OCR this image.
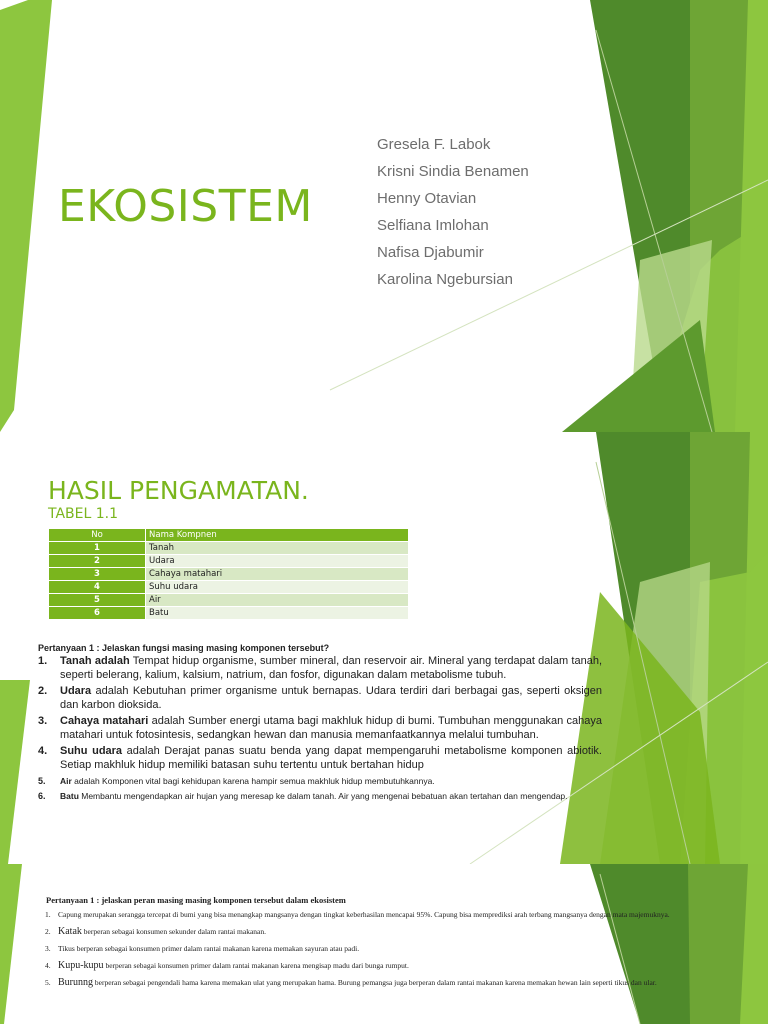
EKOSISTEM
Gresela F. Labok
Krisni Sindia Benamen
Henny Otavian
Selfiana Imlohan
Nafisa Djabumir
Karolina Ngebursian
HASIL PENGAMATAN.
TABEL 1.1
No	Nama Kompnen
1	Tanah
2	Udara
3	Cahaya matahari
4	Suhu udara
5	Air
6	Batu
Pertanyaan 1 : Jelaskan fungsi masing masing komponen tersebut?
1. Tanah adalah Tempat hidup organisme, sumber mineral, dan reservoir air. Mineral yang terdapat dalam tanah, seperti belerang, kalium, kalsium, natrium, dan fosfor, digunakan dalam metabolisme tubuh.
2. Udara adalah Kebutuhan primer organisme untuk bernapas. Udara terdiri dari berbagai gas, seperti oksigen dan karbon dioksida.
3. Cahaya matahari adalah Sumber energi utama bagi makhluk hidup di bumi. Tumbuhan menggunakan cahaya matahari untuk fotosintesis, sedangkan hewan dan manusia memanfaatkannya melalui tumbuhan.
4. Suhu udara adalah Derajat panas suatu benda yang dapat mempengaruhi metabolisme komponen abiotik. Setiap makhluk hidup memiliki batasan suhu tertentu untuk bertahan hidup
5. Air adalah Komponen vital bagi kehidupan karena hampir semua makhluk hidup membutuhkannya.
6. Batu Membantu mengendapkan air hujan yang meresap ke dalam tanah. Air yang mengenai bebatuan akan tertahan dan mengendap.
Pertanyaan 1 : jelaskan peran masing masing komponen tersebut dalam ekosistem
1. Capung merupakan serangga tercepat di bumi yang bisa menangkap mangsanya dengan tingkat keberhasilan mencapai 95%. Capung bisa memprediksi arah terbang mangsanya dengan mata majemuknya.
2. Katak berperan sebagai konsumen sekunder dalam rantai makanan.
3. Tikus berperan sebagai konsumen primer dalam rantai makanan karena memakan sayuran atau padi.
4. Kupu-kupu berperan sebagai konsumen primer dalam rantai makanan karena mengisap madu dari bunga rumput.
5. Burunng berperan sebagai pengendali hama karena memakan ulat yang merupakan hama. Burung pemangsa juga berperan dalam rantai makanan karena memakan hewan lain seperti tikus dan ular.
